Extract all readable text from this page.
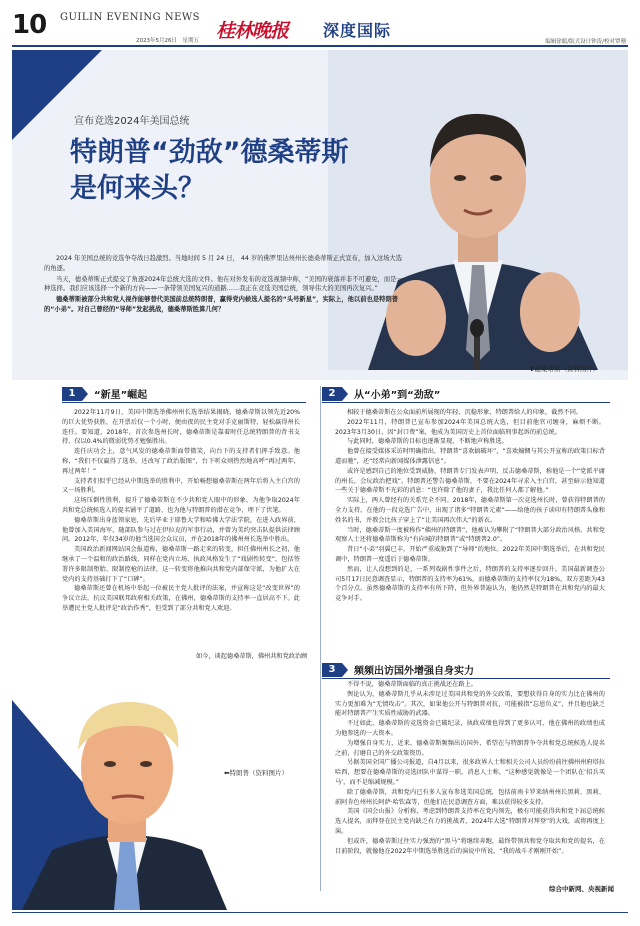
10 GUILIN EVENING NEWS
2023年5月26日　星期五 桂林晚报 深度国际
编辑徐聪/版式设计钟涛/校对覃珊
宣布竞选2024年美国总统
特朗普“劲敌”德桑蒂斯
是何来头？

2024 年美国总统的竞选争夺战日趋激烈。当地时间 5 月 24 日， 44 岁的佛罗里达州州长德桑蒂斯正式宣布，加入这场大选的角逐。

当天，德桑蒂斯正式提交了角逐2024年总统大选的文件。他在对外发布的竞选视频中称，“美国的衰落并非不可避免，而是一种选择。我们应该选择一个新的方向——一条带领美国复兴的道路……我正在竞选美国总统，领导伟大的美国再次复兴。”

德桑蒂斯被部分共和党人视作能够替代美国前总统特朗普，赢得党内候选人提名的“头号新星”，实际上，他以前也是特朗普的“小弟”。对自己曾经的“导师”发起挑战，德桑蒂斯胜算几何？

⬆德桑蒂斯（资料图片）
1	“新星”崛起

2022年11月9日，美国中期选举佛州州长选举结果揭晓，德桑蒂斯以领先近20%的巨大优势获胜，在开票后仅一个小时，便由夜的民主党对手克丽斯特，轻松赢得州长连任。要知道，2018年，首次参选州长时，德桑蒂斯是靠着时任总统特朗普的背书支持，仅以0.4%的微弱优势才勉强胜出。

连任庆功会上，意气风发的德桑蒂斯面带微笑，向台下的支持者们挥手致意。他称，“我们不仅赢得了选举，还改写了政治版图”，台下听众则热烈地高呼“再过两年，再过两年！”

支持者们似乎已经从中期选举的胜利中，开始畅想德桑蒂斯在两年后将入主白宫的又一场胜利。

这场压倒性胜利，提升了德桑蒂斯在不少共和党人眼中的形象，为他争取2024年共和党总统候选人的提名铺平了道路，也为他与特朗普的潜在竞争，埋下了伏笔。

德桑蒂斯出身蓝领家庭，先后毕业于耶鲁大学和哈佛大学法学院，在进入政界前，他曾加入美国海军，随部队参与过在伊拉克的军事行动，并曾为美约突击队提供法律顾问。2012年，年仅34岁的他当选国会众议员，并在2018年的佛州州长选举中胜出。

美国政治新闻网站国会报道称，德桑蒂斯一路走来的转变，担任佛州州长之初，他继承了一个温和的政治路线，同样在党内立场，执政风格发生了“戏剧性转变”，包括签署许多限制堕胎、限制控枪的法律，这一转变将他推向共和党内部保守派，为他扩大在党内的支持基础打下了“口碑”。

德桑蒂斯还曾在机场中举起一位被民主党人批评的法案，并宣称这是“改变世界”的争议立法，抗议美国联邦政府相关政策，在佛州，德桑蒂斯的支持率一直居高不下。此举遭民主党人批评是“政治作秀”，但受到了部分共和党人欢迎。

如今，谈起德桑蒂斯，佛州共和党政治顾
⬅特朗普（资料图片）
2	从“小弟”到“劲敌”

相较于德桑蒂斯在公众面前所展现的年轻、沉稳形象，特朗普给人的印象，截然不同。

2022年11月，特朗普已宣布参加2024年美国总统大选，但目前他官司缠身，麻烦不断。2023年3月30日，因“封口费”案，他成为美国历史上首位面临刑事起诉的前总统。

与此同时，德桑蒂斯的目标也逐渐显现，不断地声称胜选。

他曾在接受媒体采访时明确指出，特朗普“喜欢搞破坏”，“喜欢煽惆与其公开宣称的政策目标背道而驰”，还“经常向新闻媒体泄露信息”。

或许是感到自己的地位受到威胁，特朗普专门发表声明，反击德桑蒂斯，称他是一个“党派平庸的州长，会玩政治把戏”。特朗普还警告德桑蒂斯，不要在2024年寻求入主白宫，甚至暗示他知道一些关于德桑蒂斯不光彩的消息：“也许除了他的妻子，我比任何人都了解他。”

实际上，两人曾经有的关系完全不同。2018年，德桑蒂斯第一次竞选州长时，曾获得特朗普的全力支持。在他的一段竞选广告中，出现了诸多“特朗普元素”——给他的孩子读印有特朗普头像和姓名的书，并教会比孩子穿上了“让美国再次伟大”的新衣。

当时，德桑蒂斯一度被称作“佛州的特朗普”，他被认为攀附了“特朗普大部分政治风格。共和党观察人士还将德桑蒂斯称为“有向城的特朗普”或“特朗普2.0”。

昔日“小弟”羽翼已丰，开始严重威胁到了“导师”的地位。2022年美国中期选举后，在共和党民调中，特朗普一度遥后于德桑蒂斯。

然而，让人没想到的是，一系列戏剧性事件之后，特朗普的支持率逐步回升。美国最新调查公司5月17日民意调查显示，特朗普的支持率为61%，而德桑蒂斯的支持率仅为18%，双方差距为43个百分点。虽然德桑蒂斯的支持率有所下降，但外界普遍认为，他仍然是特朗普在共和党内的最大竞争对手。

3	频频出访国外增强自身实力

不得不说，德桑蒂斯面临的真正挑战还在路上。

舆论认为，德桑蒂斯几乎从未涉足过美国共和党的外交政策，要想获得自身的实力比在佛州的实力更加难为“无情攻击”。其次，如果他公开与特朗普对抗，可能被指“忘恩负义”，并且他也缺乏能对特朗普产生实质性威胁的武器。

不过如此，德桑蒂斯的竞选资金已破纪录，执政成绩也得到了更多认可，他在佛州的政绩也成为他参选的一大资本。

为增强自身实力，近来，德桑蒂斯频频出访国外，希望在与特朗普争夺共和党总统候选人提名之前，打磨自己的外交政策资历。

另据美国全国广播公司报道，自4月以来，很多政界人士和相关公司人员纷纷前往佛州州府塔拉哈西，想要在德桑蒂斯的竞选团队中谋得一职。消息人士称，“这种感觉就像是一个团队在‘招兵买马’，而不是缩减规模。”

除了德桑蒂斯，共和党内已有多人宣布参选美国总统，包括前南卡罗来纳州州长黑莉、黑莉、前阿肯色州州长阿萨·哈钦森等，但他们在民意调查方面，难以获得较多支持。

美国《国会山报》分析称，考虑到特朗普支持率在党内领先，极有可能获得共和党下届总统候选人提名，而拜登在民主党内缺乏有力的挑战者，2024年大选“特朗普对拜登”的大戏，或将再度上演。

但或许，德桑蒂斯过往实力强劲的“黑马”将继续奔跑，最终带领共和党夺取共和党的提名，在目前阶段，就像他在2022年中期选举胜选后的演说中所说，“我的战斗才刚刚开始”。

综合中新网、央视新闻
